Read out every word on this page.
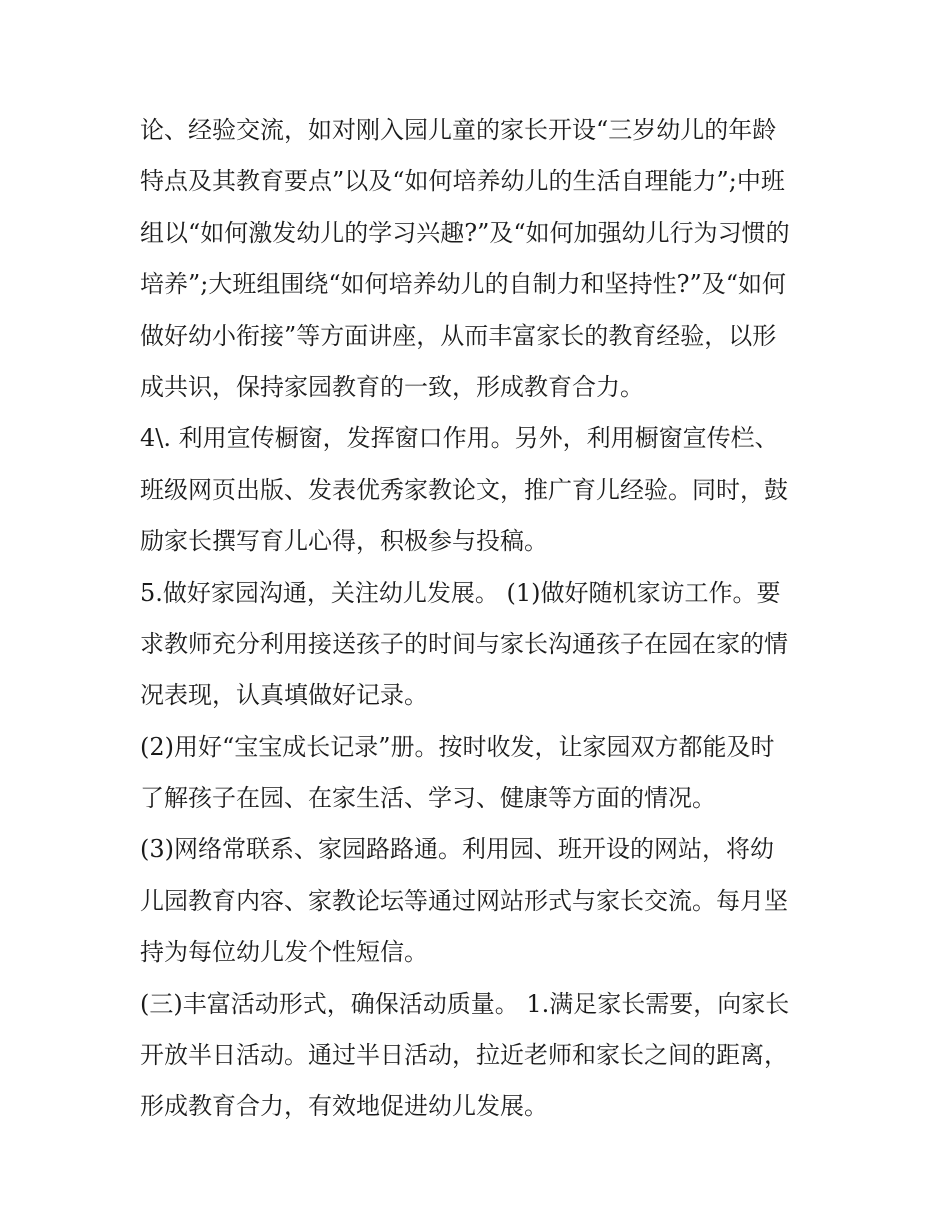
论、经验交流，如对刚入园儿童的家长开设“三岁幼儿的年龄
特点及其教育要点”以及“如何培养幼儿的生活自理能力”;中班
组以“如何激发幼儿的学习兴趣?”及“如何加强幼儿行为习惯的
培养”;大班组围绕“如何培养幼儿的自制力和坚持性?”及“如何
做好幼小衔接”等方面讲座，从而丰富家长的教育经验，以形
成共识，保持家园教育的一致，形成教育合力。
4\. 利用宣传橱窗，发挥窗口作用。另外，利用橱窗宣传栏、
班级网页出版、发表优秀家教论文，推广育儿经验。同时，鼓
励家长撰写育儿心得，积极参与投稿。
5.做好家园沟通，关注幼儿发展。 (1)做好随机家访工作。要
求教师充分利用接送孩子的时间与家长沟通孩子在园在家的情
况表现，认真填做好记录。
(2)用好“宝宝成长记录”册。按时收发，让家园双方都能及时
了解孩子在园、在家生活、学习、健康等方面的情况。
(3)网络常联系、家园路路通。利用园、班开设的网站，将幼
儿园教育内容、家教论坛等通过网站形式与家长交流。每月坚
持为每位幼儿发个性短信。
(三)丰富活动形式，确保活动质量。 1.满足家长需要，向家长
开放半日活动。通过半日活动，拉近老师和家长之间的距离，
形成教育合力，有效地促进幼儿发展。
